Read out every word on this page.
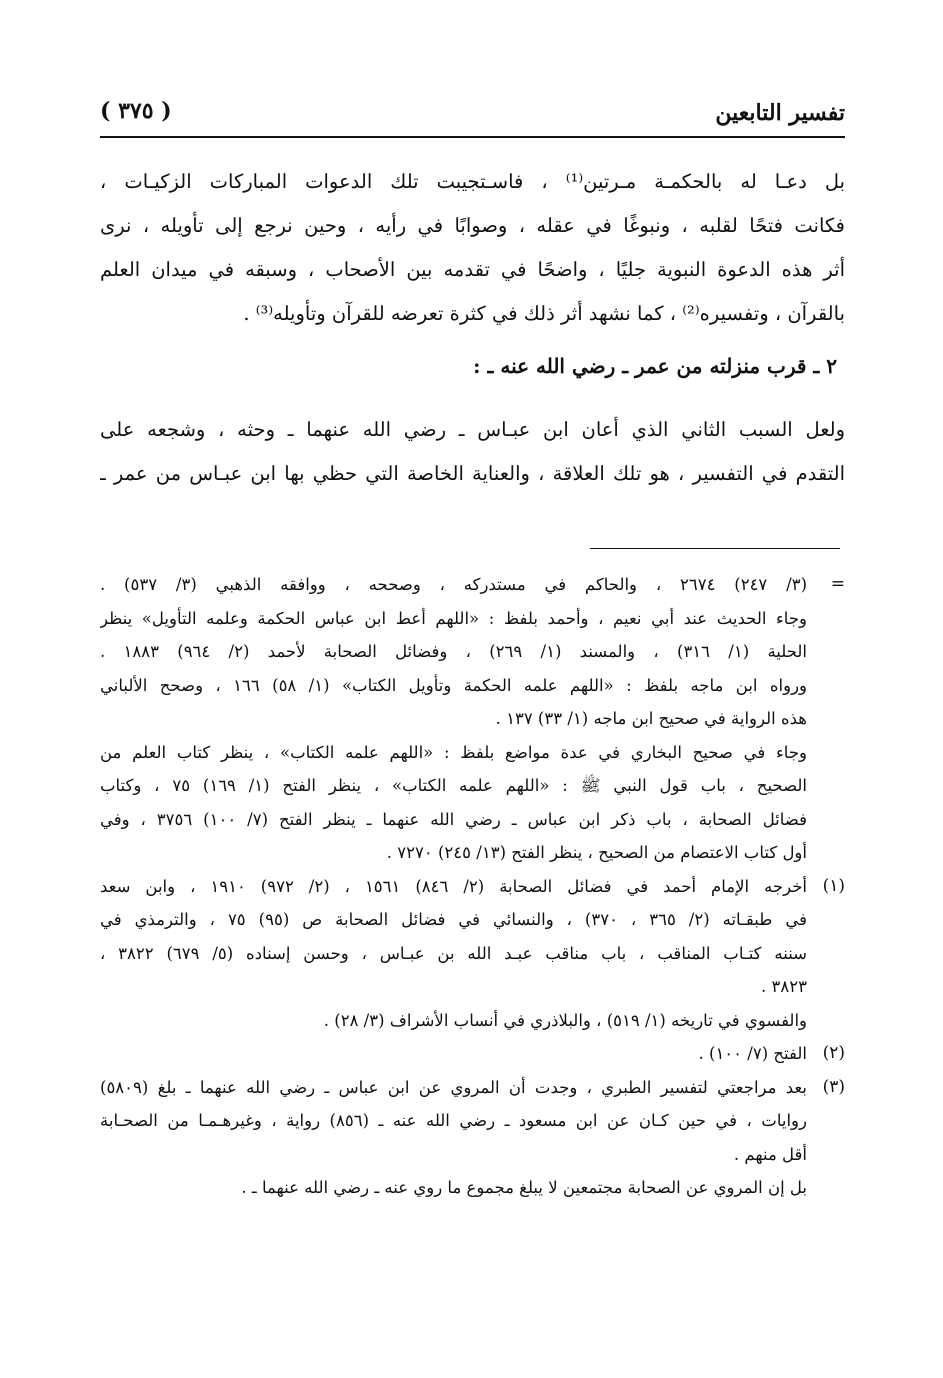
تفسير التابعين
( ٣٧٥ )
بل دعـا له بالحكمـة مـرتين⁽¹⁾ ، فاسـتجيبت تلك الدعوات المباركات الزكيـات ،
فكانت فتحًا لقلبه ، ونبوغًا في عقله ، وصوابًا في رأيه ، وحين نرجع إلى تأويله ، نرى
أثر هذه الدعوة النبوية جليًا ، واضحًا في تقدمه بين الأصحاب ، وسبقه في ميدان العلم
بالقرآن ، وتفسيره⁽²⁾ ، كما نشهد أثر ذلك في كثرة تعرضه للقرآن وتأويله⁽³⁾ .
٢ ـ قرب منزلته من عمر ـ رضي الله عنه ـ :
ولعل السبب الثاني الذي أعان ابن عبـاس ـ رضي الله عنهما ـ وحثه ، وشجعه على
التقدم في التفسير ، هو تلك العلاقة ، والعناية الخاصة التي حظي بها ابن عبـاس من عمر ـ
=
(٣/ ٢٤٧) ٢٦٧٤ ، والحاكم في مستدركه ، وصححه ، ووافقه الذهبي (٣/ ٥٣٧) .
وجاء الحديث عند أبي نعيم ، وأحمد بلفظ : «اللهم أعط ابن عباس الحكمة وعلمه التأويل» ينظر
الحلية (١/ ٣١٦) ، والمسند (١/ ٢٦٩) ، وفضائل الصحابة لأحمد (٢/ ٩٦٤) ١٨٨٣ .
ورواه ابن ماجه بلفظ : «اللهم علمه الحكمة وتأويل الكتاب» (١/ ٥٨) ١٦٦ ، وصحح الألباني
هذه الرواية في صحيح ابن ماجه (١/ ٣٣) ١٣٧ .
وجاء في صحيح البخاري في عدة مواضع بلفظ : «اللهم علمه الكتاب» ، ينظر كتاب العلم من
الصحيح ، باب قول النبي ﷺ : «اللهم علمه الكتاب» ، ينظر الفتح (١/ ١٦٩) ٧٥ ، وكتاب
فضائل الصحابة ، باب ذكر ابن عباس ـ رضي الله عنهما ـ ينظر الفتح (٧/ ١٠٠) ٣٧٥٦ ، وفي
أول كتاب الاعتصام من الصحيح ، ينظر الفتح (١٣/ ٢٤٥) ٧٢٧٠ .
(١)
أخرجه الإمام أحمد في فضائل الصحابة (٢/ ٨٤٦) ١٥٦١ ، (٢/ ٩٧٢) ١٩١٠ ، وابن سعد
في طبقـاته (٢/ ٣٦٥ ، ٣٧٠) ، والنسائي في فضائل الصحابة ص (٩٥) ٧٥ ، والترمذي في
سننه كتـاب المناقب ، باب مناقب عبـد الله بن عبـاس ، وحسن إسناده (٥/ ٦٧٩) ٣٨٢٢ ،
٣٨٢٣ .
والفسوي في تاريخه (١/ ٥١٩) ، والبلاذري في أنساب الأشراف (٣/ ٢٨) .
(٢)
الفتح (٧/ ١٠٠) .
(٣)
بعد مراجعتي لتفسير الطبري ، وجدت أن المروي عن ابن عباس ـ رضي الله عنهما ـ بلغ (٥٨٠٩)
روايات ، في حين كـان عن ابن مسعود ـ رضي الله عنه ـ (٨٥٦) رواية ، وغيرهـمـا من الصحـابة
أقل منهم .
بل إن المروي عن الصحابة مجتمعين لا يبلغ مجموع ما روي عنه ـ رضي الله عنهما ـ .
